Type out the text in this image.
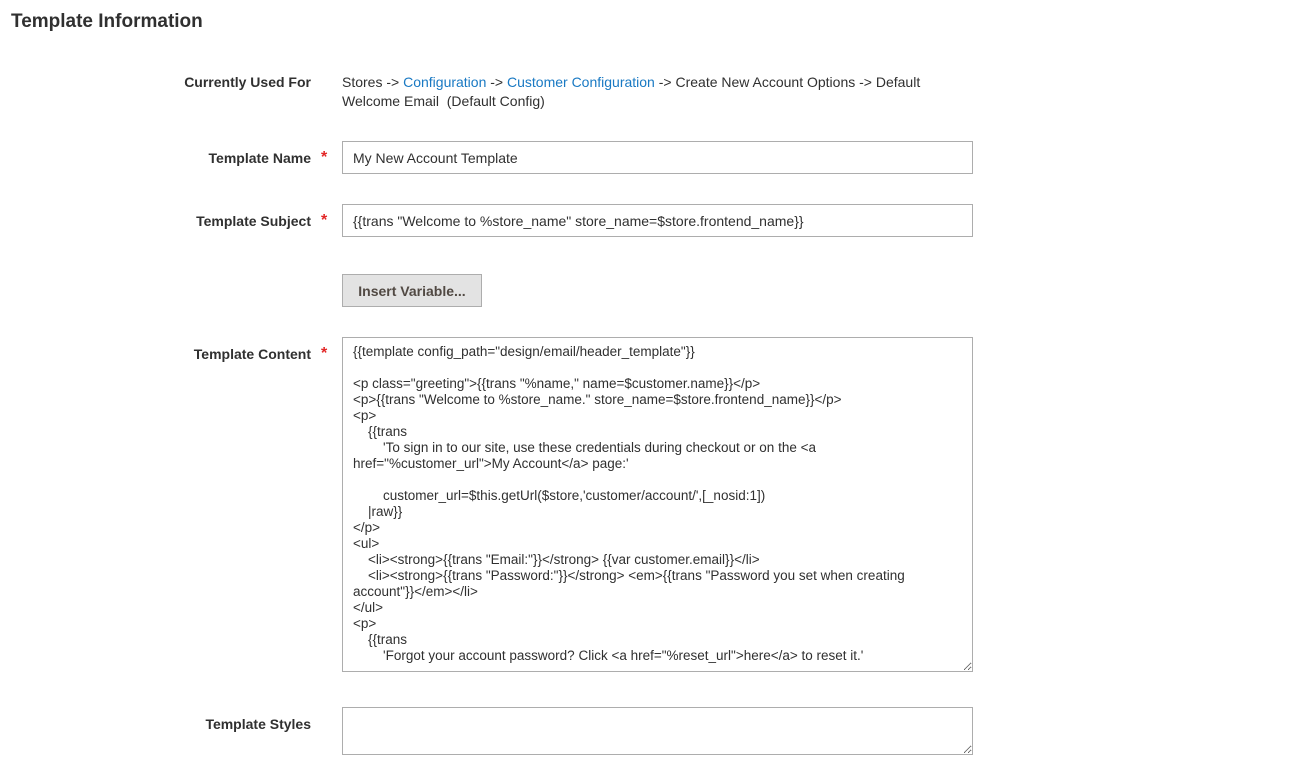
Template Information
Currently Used For Stores -> Configuration -> Customer Configuration -> Create New Account Options -> Default Welcome Email  (Default Config)
Template Name *
My New Account Template
Template Subject *
{{trans "Welcome to %store_name" store_name=$store.frontend_name}}
Insert Variable...
Template Content *
{{template config_path="design/email/header_template"}} <p class="greeting">{{trans "%name," name=$customer.name}}</p> <p>{{trans "Welcome to %store_name." store_name=$store.frontend_name}}</p> <p> {{trans 'To sign in to our site, use these credentials during checkout or on the <a href="%customer_url">My Account</a> page:' customer_url=$this.getUrl($store,'customer/account/',[_nosid:1]) |raw}} </p> <ul> <li><strong>{{trans "Email:"}}</strong> {{var customer.email}}</li> <li><strong>{{trans "Password:"}}</strong> <em>{{trans "Password you set when creating account"}}</em></li> </ul> <p> {{trans 'Forgot your account password? Click <a href="%reset_url">here</a> to reset it.'
Template Styles
